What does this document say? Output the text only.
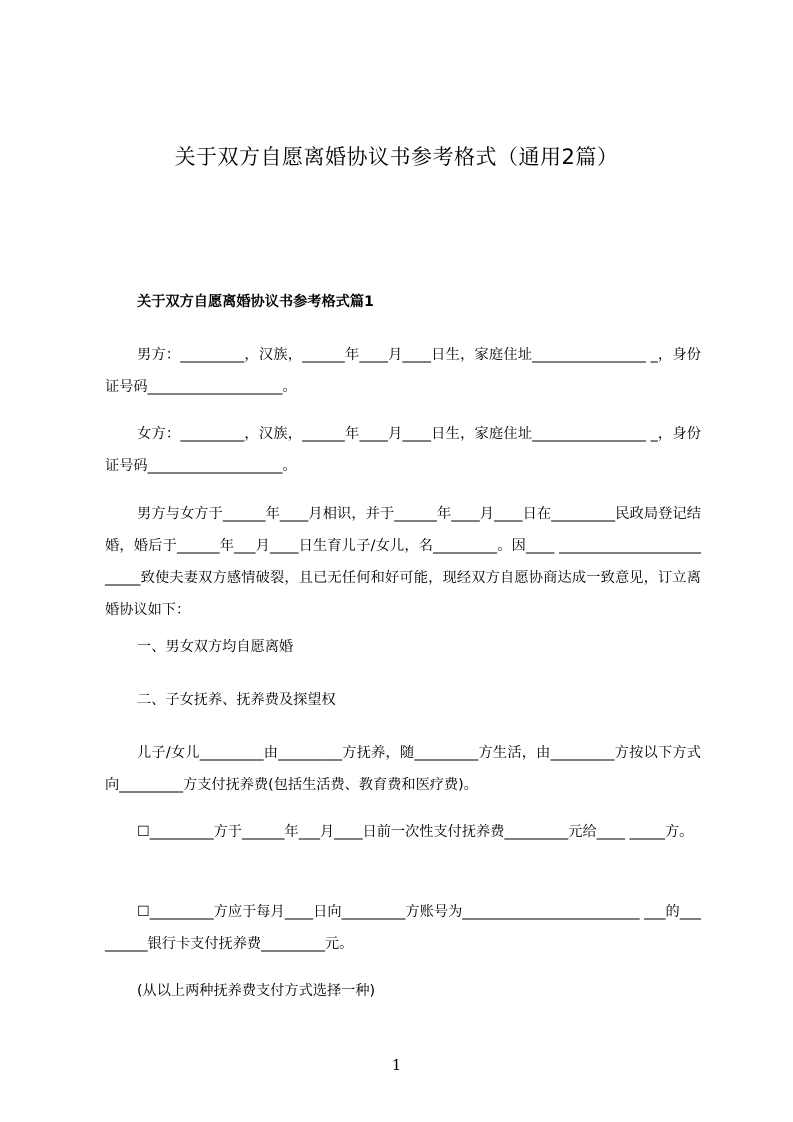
关于双方自愿离婚协议书参考格式（通用2篇）
关于双方自愿离婚协议书参考格式篇1
男方：_________，汉族，______年____月____日生，家庭住址________________ _，身份证号码___________________。
女方：_________，汉族，______年____月____日生，家庭住址________________ _，身份证号码___________________。
男方与女方于______年____月相识，并于______年____月____日在_________民政局登记结婚，婚后于______年___月____日生育儿子/女儿，名_________。因____ _________________________致使夫妻双方感情破裂，且已无任何和好可能，现经双方自愿协商达成一致意见，订立离婚协议如下：
一、男女双方均自愿离婚
二、子女抚养、抚养费及探望权
儿子/女儿_________由_________方抚养，随_________方生活，由_________方按以下方式向_________方支付抚养费(包括生活费、教育费和医疗费)。
☐_________方于______年___月____日前一次性支付抚养费_________元给____ _____方。
☐_________方应于每月____日向_________方账号为_________________________ ___的_________银行卡支付抚养费_________元。
(从以上两种抚养费支付方式选择一种)
1
